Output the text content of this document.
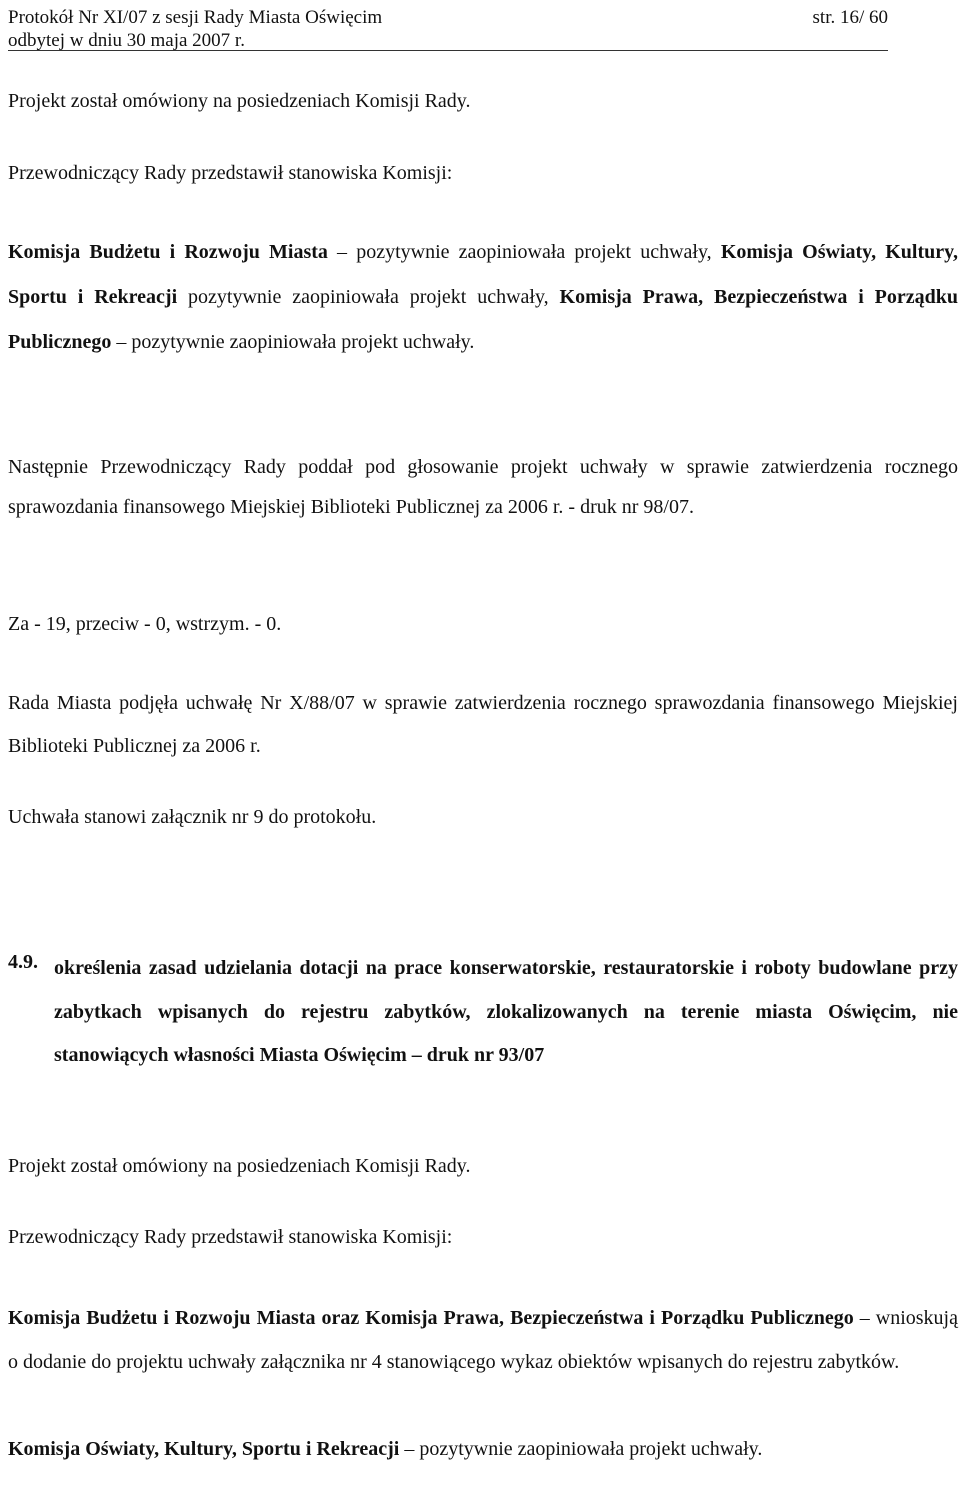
Protokół Nr XI/07 z sesji Rady Miasta Oświęcim	str. 16/ 60
odbytej w dniu 30 maja 2007 r.
Projekt został omówiony na posiedzeniach Komisji Rady.
Przewodniczący Rady przedstawił stanowiska Komisji:
Komisja Budżetu i Rozwoju Miasta – pozytywnie zaopiniowała projekt uchwały, Komisja Oświaty, Kultury, Sportu i Rekreacji pozytywnie zaopiniowała projekt uchwały, Komisja Prawa, Bezpieczeństwa i Porządku Publicznego – pozytywnie zaopiniowała projekt uchwały.
Następnie Przewodniczący Rady poddał pod głosowanie projekt uchwały w sprawie zatwierdzenia rocznego sprawozdania finansowego Miejskiej Biblioteki Publicznej za 2006 r. - druk nr 98/07.
Za - 19, przeciw - 0, wstrzym. - 0.
Rada Miasta podjęła uchwałę Nr X/88/07 w sprawie zatwierdzenia rocznego sprawozdania finansowego Miejskiej Biblioteki Publicznej za 2006 r.
Uchwała stanowi załącznik nr 9 do protokołu.
4.9. określenia zasad udzielania dotacji na prace konserwatorskie, restauratorskie i roboty budowlane przy zabytkach wpisanych do rejestru zabytków, zlokalizowanych na terenie miasta Oświęcim, nie stanowiących własności Miasta Oświęcim – druk nr 93/07
Projekt został omówiony na posiedzeniach Komisji Rady.
Przewodniczący Rady przedstawił stanowiska Komisji:
Komisja Budżetu i Rozwoju Miasta oraz Komisja Prawa, Bezpieczeństwa i Porządku Publicznego – wnioskują o dodanie do projektu uchwały załącznika nr 4 stanowiącego wykaz obiektów wpisanych do rejestru zabytków.
Komisja Oświaty, Kultury, Sportu i Rekreacji – pozytywnie zaopiniowała projekt uchwały.
